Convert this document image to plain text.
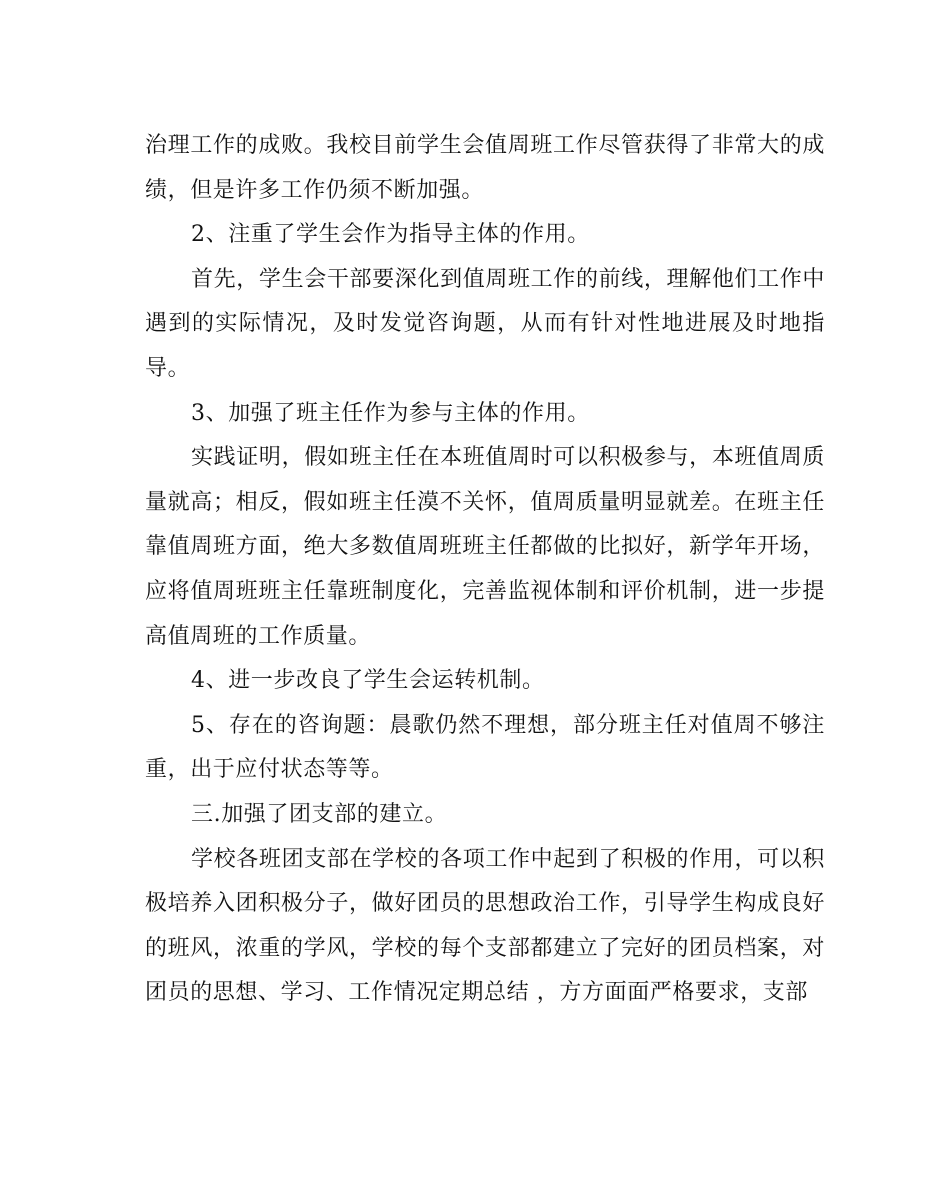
治理工作的成败。我校目前学生会值周班工作尽管获得了非常大的成绩，但是许多工作仍须不断加强。

2、注重了学生会作为指导主体的作用。

首先，学生会干部要深化到值周班工作的前线，理解他们工作中遇到的实际情况，及时发觉咨询题，从而有针对性地进展及时地指导。

3、加强了班主任作为参与主体的作用。

实践证明，假如班主任在本班值周时可以积极参与，本班值周质量就高；相反，假如班主任漠不关怀，值周质量明显就差。在班主任靠值周班方面，绝大多数值周班班主任都做的比拟好，新学年开场，应将值周班班主任靠班制度化，完善监视体制和评价机制，进一步提高值周班的工作质量。

4、进一步改良了学生会运转机制。

5、存在的咨询题：晨歌仍然不理想，部分班主任对值周不够注重，出于应付状态等等。

三.加强了团支部的建立。

学校各班团支部在学校的各项工作中起到了积极的作用，可以积极培养入团积极分子，做好团员的思想政治工作，引导学生构成良好的班风，浓重的学风，学校的每个支部都建立了完好的团员档案，对团员的思想、学习、工作情况定期总结 ，方方面面严格要求，支部
